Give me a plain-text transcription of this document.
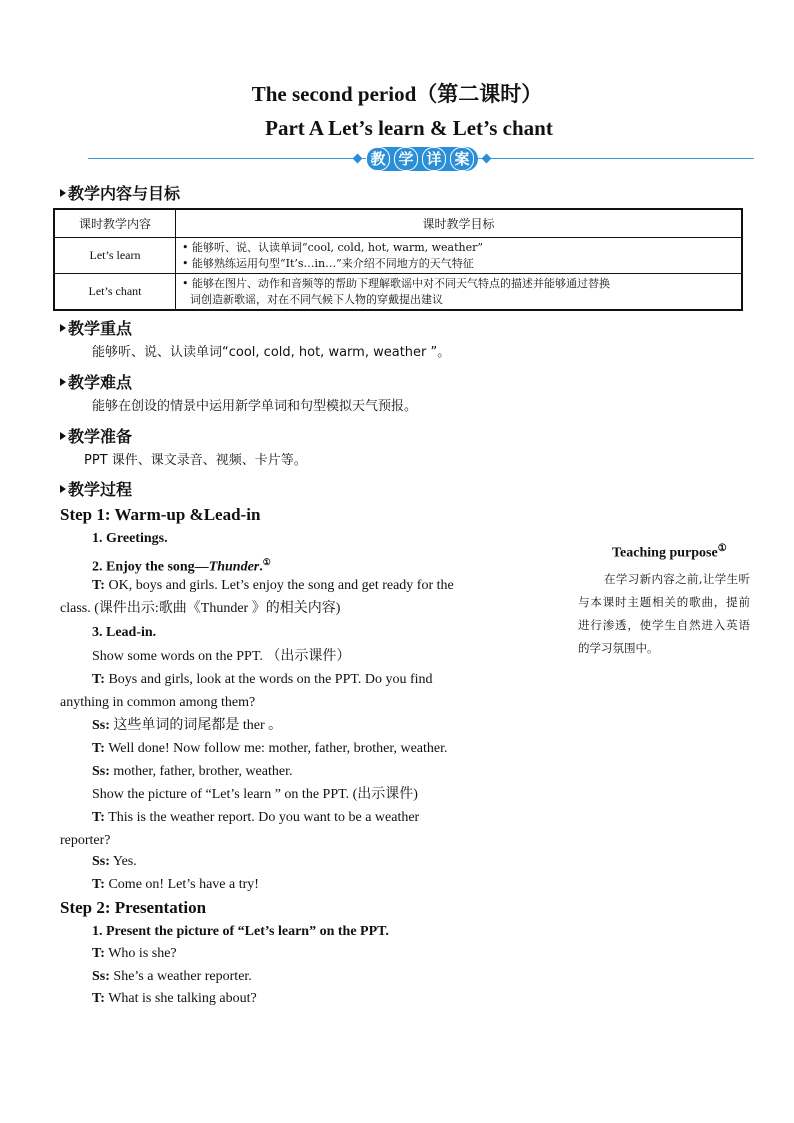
The second period（第二课时）
Part A Let’s learn & Let’s chant
教 学 详 案
教学内容与目标
课时教学内容	课时教学目标
Let’s learn	• 能够听、说、认读单词“cool, cold, hot, warm, weather”
• 能够熟练运用句型“It’s…in…”来介绍不同地方的天气特征

Let’s chant	• 能够在图片、动作和音频等的帮助下理解歌谣中对不同天气特点的描述并能够通过替换
词创造新歌谣，对在不同气候下人物的穿戴提出建议
教学重点
能够听、说、认读单词“cool, cold, hot, warm, weather ”。
教学难点
能够在创设的情景中运用新学单词和句型模拟天气预报。
教学准备
PPT 课件、课文录音、视频、卡片等。
教学过程
Step 1: Warm-up &Lead-in
1. Greetings.
2. Enjoy the song—Thunder.①
T: OK, boys and girls. Let’s enjoy the song and get ready for the
class. (课件出示:歌曲《Thunder 》的相关内容)
3. Lead-in.
Show some words on the PPT. （出示课件）
T: Boys and girls, look at the words on the PPT. Do you find
anything in common among them?
Ss: 这些单词的词尾都是 ther 。
T: Well done! Now follow me: mother, father, brother, weather.
Ss: mother, father, brother, weather.
Show the picture of “Let’s learn ” on the PPT. (出示课件)
T: This is the weather report. Do you want to be a weather
reporter?
Ss: Yes.
T: Come on! Let’s have a try!
Step 2: Presentation
1. Present the picture of “Let’s learn” on the PPT.
T: Who is she?
Ss: She’s a weather reporter.
T: What is she talking about?
Teaching purpose①
在学习新内容之前,让学生听与本课时主题相关的歌曲，提前进行渗透，使学生自然进入英语的学习氛围中。
